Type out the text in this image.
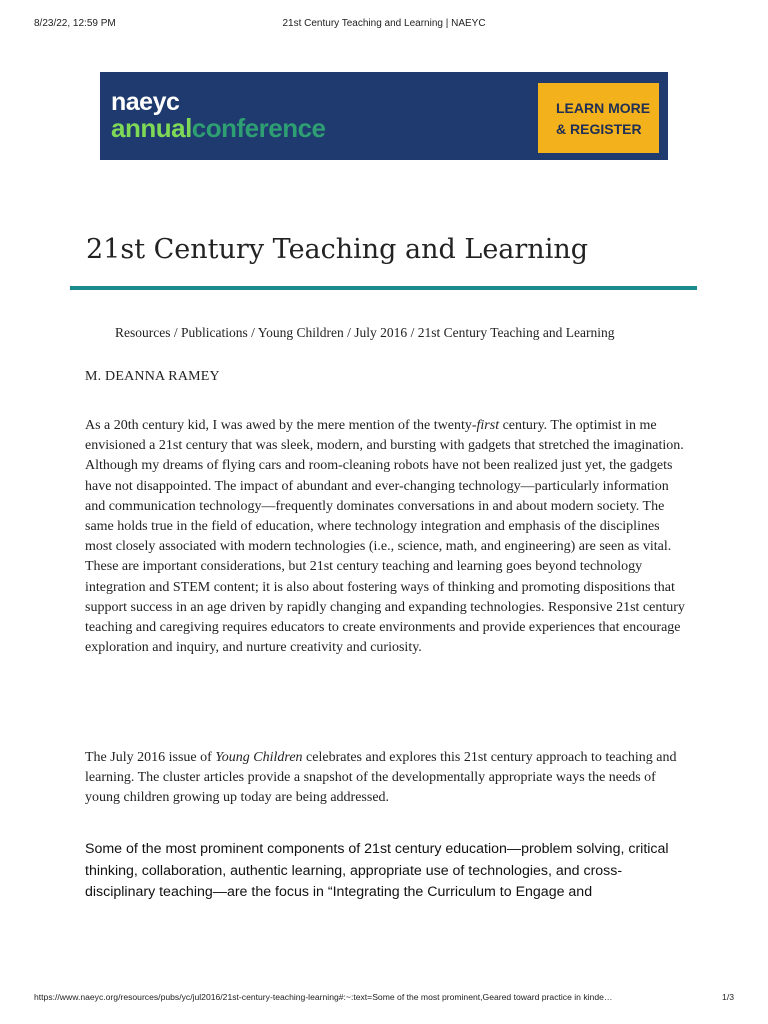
8/23/22, 12:59 PM	21st Century Teaching and Learning | NAEYC
naeyc
annualconference
LEARN MORE
& REGISTER
21st Century Teaching and Learning
Resources / Publications / Young Children / July 2016 / 21st Century Teaching and Learning
M. DEANNA RAMEY

As a 20th century kid, I was awed by the mere mention of the twenty-first century. The optimist in me envisioned a 21st century that was sleek, modern, and bursting with gadgets that stretched the imagination. Although my dreams of flying cars and room-cleaning robots have not been realized just yet, the gadgets have not disappointed. The impact of abundant and ever-changing technology—particularly information and communication technology—frequently dominates conversations in and about modern society. The same holds true in the field of education, where technology integration and emphasis of the disciplines most closely associated with modern technologies (i.e., science, math, and engineering) are seen as vital. These are important considerations, but 21st century teaching and learning goes beyond technology integration and STEM content; it is also about fostering ways of thinking and promoting dispositions that support success in an age driven by rapidly changing and expanding technologies. Responsive 21st century teaching and caregiving requires educators to create environments and provide experiences that encourage exploration and inquiry, and nurture creativity and curiosity.

The July 2016 issue of Young Children celebrates and explores this 21st century approach to teaching and learning. The cluster articles provide a snapshot of the developmentally appropriate ways the needs of young children growing up today are being addressed.

Some of the most prominent components of 21st century education—problem solving, critical thinking, collaboration, authentic learning, appropriate use of technologies, and cross-disciplinary teaching—are the focus in “Integrating the Curriculum to Engage and

https://www.naeyc.org/resources/pubs/yc/jul2016/21st-century-teaching-learning#:~:text=Some of the most prominent,Geared toward practice in kinde…	1/3
